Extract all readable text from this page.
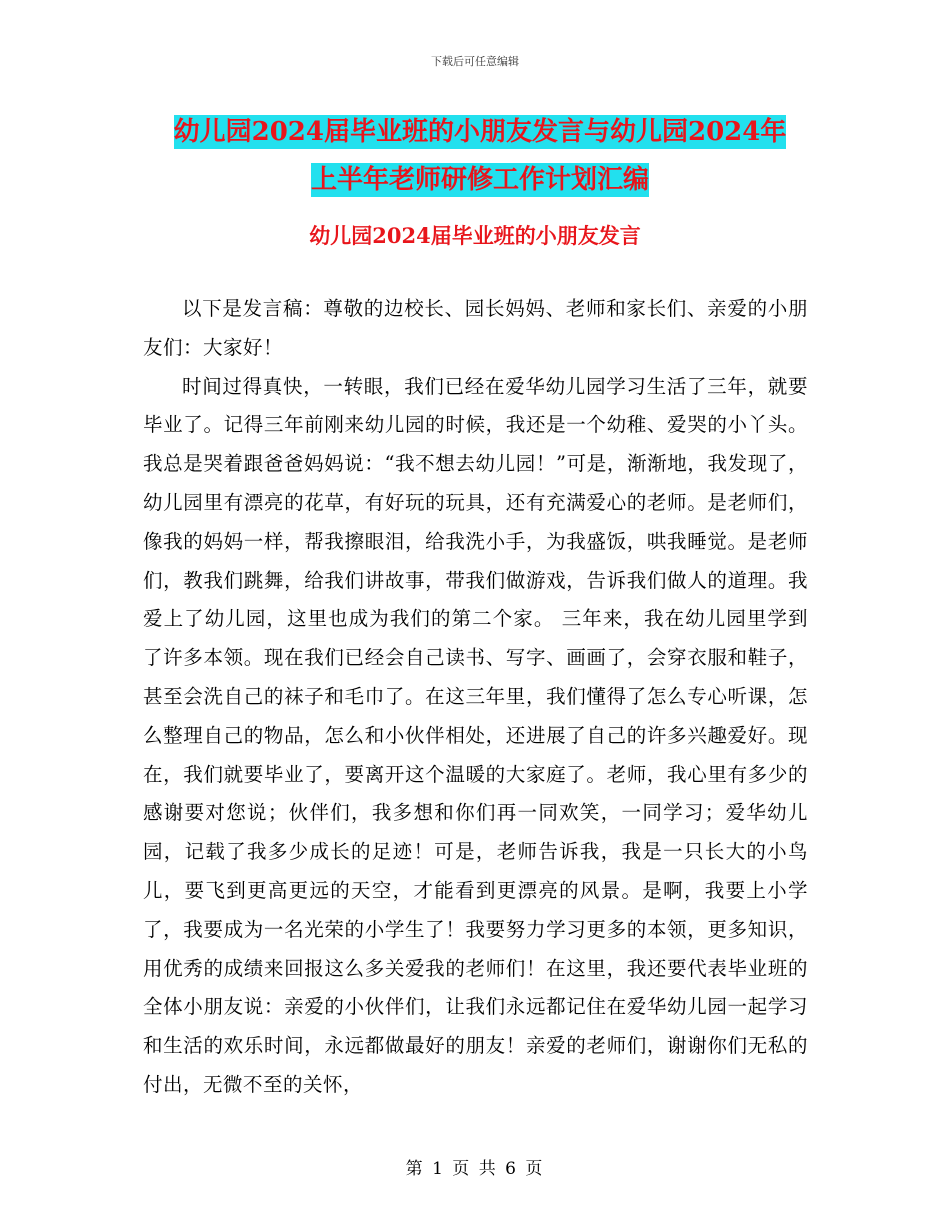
下载后可任意编辑
幼儿园2024届毕业班的小朋友发言与幼儿园2024年
上半年老师研修工作计划汇编
幼儿园2024届毕业班的小朋友发言

以下是发言稿：尊敬的边校长、园长妈妈、老师和家长们、亲爱的小朋友们：大家好！

时间过得真快，一转眼，我们已经在爱华幼儿园学习生活了三年，就要毕业了。记得三年前刚来幼儿园的时候，我还是一个幼稚、爱哭的小丫头。我总是哭着跟爸爸妈妈说：“我不想去幼儿园！”可是，渐渐地，我发现了，幼儿园里有漂亮的花草，有好玩的玩具，还有充满爱心的老师。是老师们，像我的妈妈一样，帮我擦眼泪，给我洗小手，为我盛饭，哄我睡觉。是老师们，教我们跳舞，给我们讲故事，带我们做游戏，告诉我们做人的道理。我爱上了幼儿园，这里也成为我们的第二个家。 三年来，我在幼儿园里学到了许多本领。现在我们已经会自己读书、写字、画画了，会穿衣服和鞋子，甚至会洗自己的袜子和毛巾了。在这三年里，我们懂得了怎么专心听课，怎么整理自己的物品，怎么和小伙伴相处，还进展了自己的许多兴趣爱好。现在，我们就要毕业了，要离开这个温暖的大家庭了。老师，我心里有多少的感谢要对您说；伙伴们，我多想和你们再一同欢笑，一同学习；爱华幼儿园，记载了我多少成长的足迹！可是，老师告诉我，我是一只长大的小鸟儿，要飞到更高更远的天空，才能看到更漂亮的风景。是啊，我要上小学了，我要成为一名光荣的小学生了！我要努力学习更多的本领，更多知识，用优秀的成绩来回报这么多关爱我的老师们！在这里，我还要代表毕业班的全体小朋友说：亲爱的小伙伴们，让我们永远都记住在爱华幼儿园一起学习和生活的欢乐时间，永远都做最好的朋友！亲爱的老师们，谢谢你们无私的付出，无微不至的关怀，

第 1 页 共 6 页
